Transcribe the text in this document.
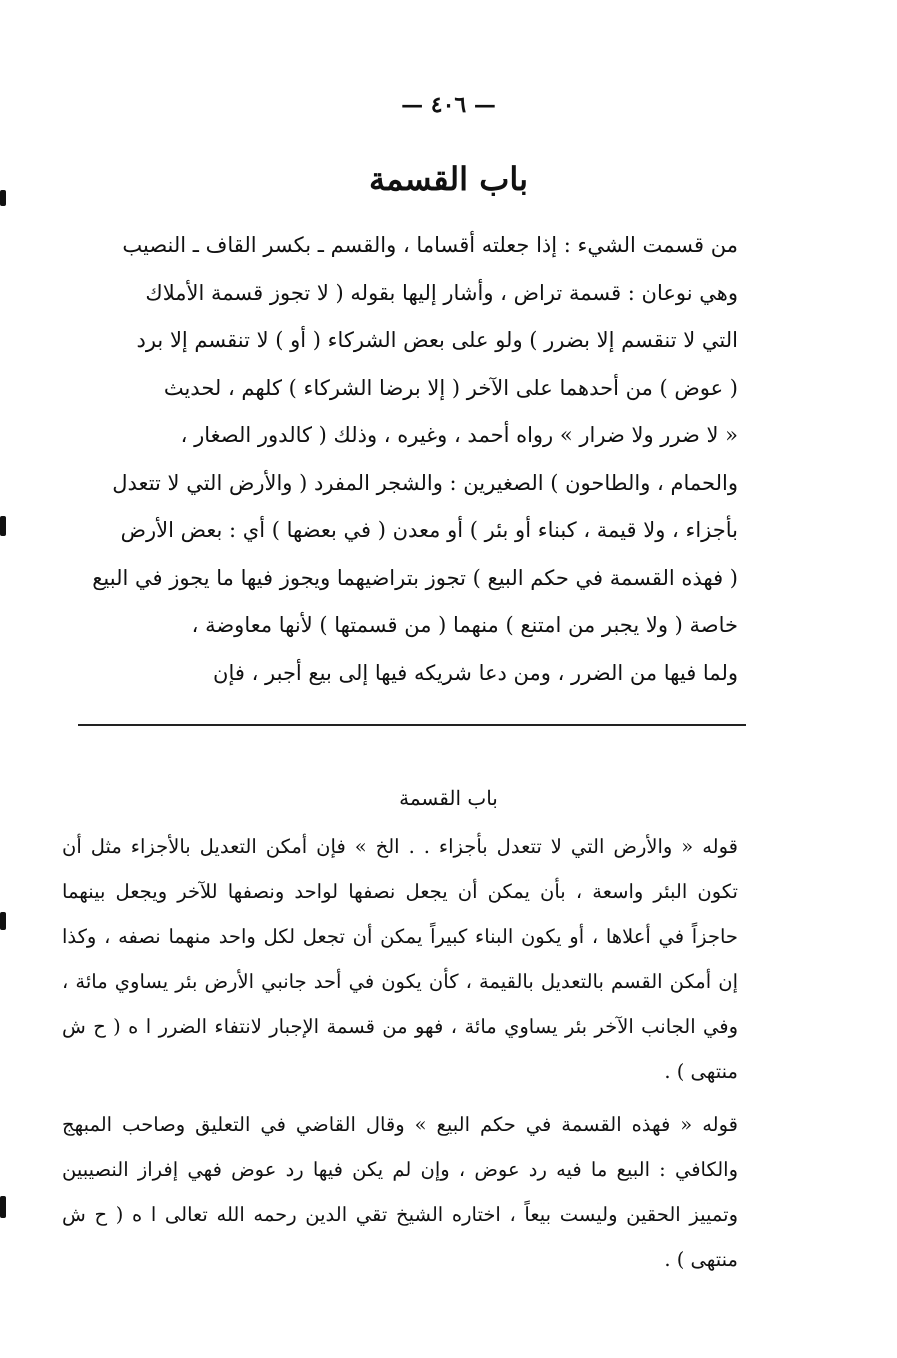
— ٤٠٦ —
باب القسمة
من قسمت الشيء : إذا جعلته أقساما ، والقسم ـ بكسر القاف ـ النصيب
وهي نوعان : قسمة تراض ، وأشار إليها بقوله ( لا تجوز قسمة الأملاك
التي لا تنقسم إلا بضرر ) ولو على بعض الشركاء ( أو ) لا تنقسم إلا برد
( عوض ) من أحدهما على الآخر ( إلا برضا الشركاء ) كلهم ، لحديث
« لا ضرر ولا ضرار » رواه أحمد ، وغيره ، وذلك ( كالدور الصغار ،
والحمام ، والطاحون ) الصغيرين : والشجر المفرد ( والأرض التي لا تتعدل
بأجزاء ، ولا قيمة ، كبناء أو بئر ) أو معدن ( في بعضها ) أي : بعض الأرض
( فهذه القسمة في حكم البيع ) تجوز بتراضيهما ويجوز فيها ما يجوز في البيع
خاصة ( ولا يجبر من امتنع ) منهما ( من قسمتها ) لأنها معاوضة ،
ولما فيها من الضرر ، ومن دعا شريكه فيها إلى بيع أجبر ، فإن
باب القسمة

قوله « والأرض التي لا تتعدل بأجزاء . . الخ » فإن أمكن التعديل بالأجزاء مثل أن تكون البئر واسعة ، بأن يمكن أن يجعل نصفها لواحد ونصفها للآخر ويجعل بينهما حاجزاً في أعلاها ، أو يكون البناء كبيراً يمكن أن تجعل لكل واحد منهما نصفه ، وكذا إن أمكن القسم بالتعديل بالقيمة ، كأن يكون في أحد جانبي الأرض بئر يساوي مائة ، وفي الجانب الآخر بئر يساوي مائة ، فهو من قسمة الإجبار لانتفاء الضرر ا ه ( ح ش منتهى ) .

قوله « فهذه القسمة في حكم البيع » وقال القاضي في التعليق وصاحب المبهج والكافي : البيع ما فيه رد عوض ، وإن لم يكن فيها رد عوض فهي إفراز النصيبين وتمييز الحقين وليست بيعاً ، اختاره الشيخ تقي الدين رحمه الله تعالى ا ه ( ح ش منتهى ) .
